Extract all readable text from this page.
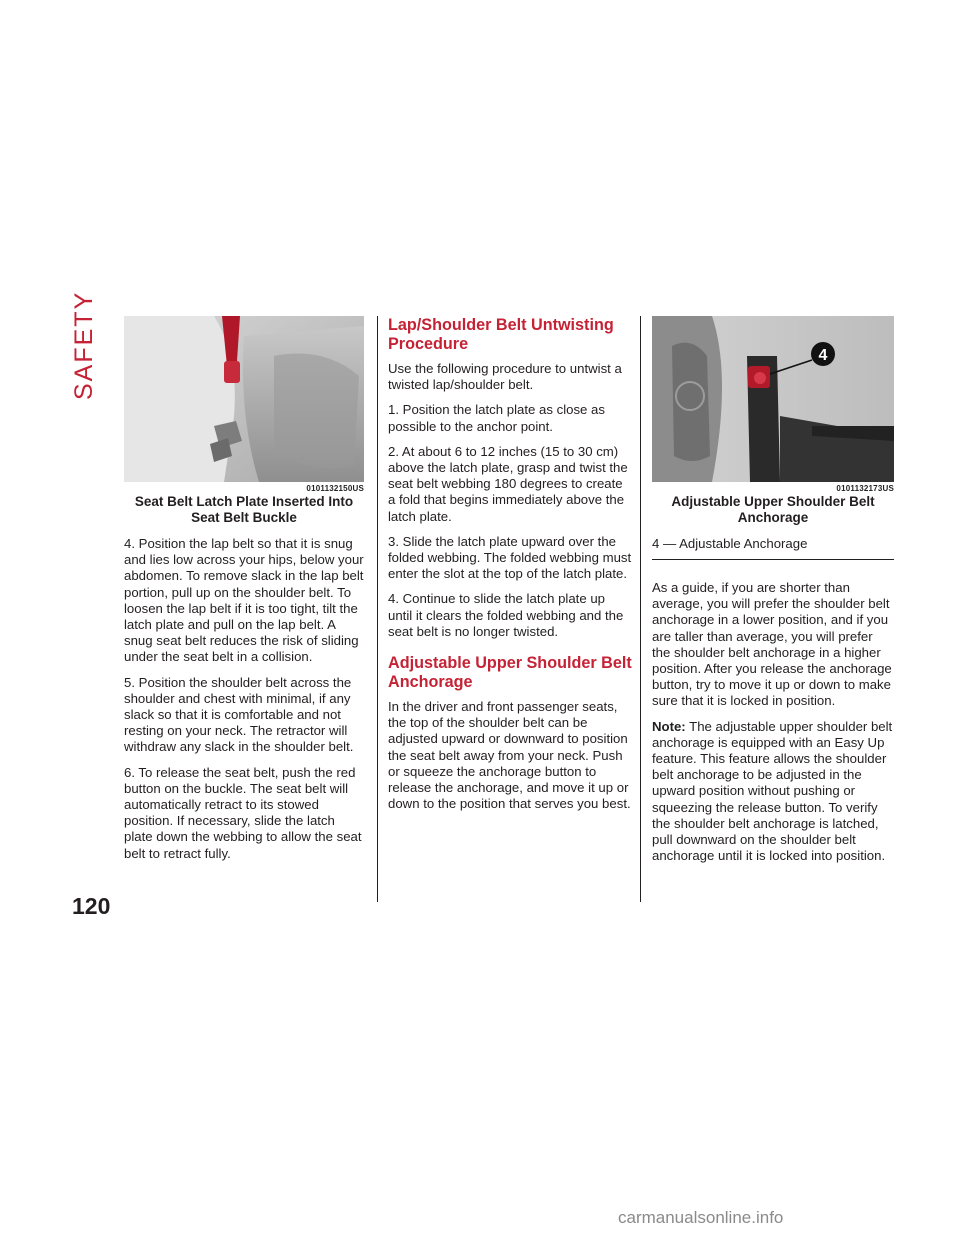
SAFETY
0101132150US
Seat Belt Latch Plate Inserted Into Seat Belt Buckle

4. Position the lap belt so that it is snug and lies low across your hips, below your abdomen. To remove slack in the lap belt portion, pull up on the shoulder belt. To loosen the lap belt if it is too tight, tilt the latch plate and pull on the lap belt. A snug seat belt reduces the risk of sliding under the seat belt in a collision.

5. Position the shoulder belt across the shoulder and chest with minimal, if any slack so that it is comfortable and not resting on your neck. The retractor will withdraw any slack in the shoulder belt.

6. To release the seat belt, push the red button on the buckle. The seat belt will automatically retract to its stowed position. If necessary, slide the latch plate down the webbing to allow the seat belt to retract fully.

Lap/Shoulder Belt Untwisting Procedure

Use the following procedure to untwist a twisted lap/shoulder belt.

1. Position the latch plate as close as possible to the anchor point.

2. At about 6 to 12 inches (15 to 30 cm) above the latch plate, grasp and twist the seat belt webbing 180 degrees to create a fold that begins immediately above the latch plate.

3. Slide the latch plate upward over the folded webbing. The folded webbing must enter the slot at the top of the latch plate.

4. Continue to slide the latch plate up until it clears the folded webbing and the seat belt is no longer twisted.

Adjustable Upper Shoulder Belt Anchorage

In the driver and front passenger seats, the top of the shoulder belt can be adjusted upward or downward to position the seat belt away from your neck. Push or squeeze the anchorage button to release the anchorage, and move it up or down to the position that serves you best.

4
0101132173US
Adjustable Upper Shoulder Belt Anchorage
4 — Adjustable Anchorage

As a guide, if you are shorter than average, you will prefer the shoulder belt anchorage in a lower position, and if you are taller than average, you will prefer the shoulder belt anchorage in a higher position. After you release the anchorage button, try to move it up or down to make sure that it is locked in position.

Note: The adjustable upper shoulder belt anchorage is equipped with an Easy Up feature. This feature allows the shoulder belt anchorage to be adjusted in the upward position without pushing or squeezing the release button. To verify the shoulder belt anchorage is latched, pull downward on the shoulder belt anchorage until it is locked into position.

120
carmanualsonline.info
